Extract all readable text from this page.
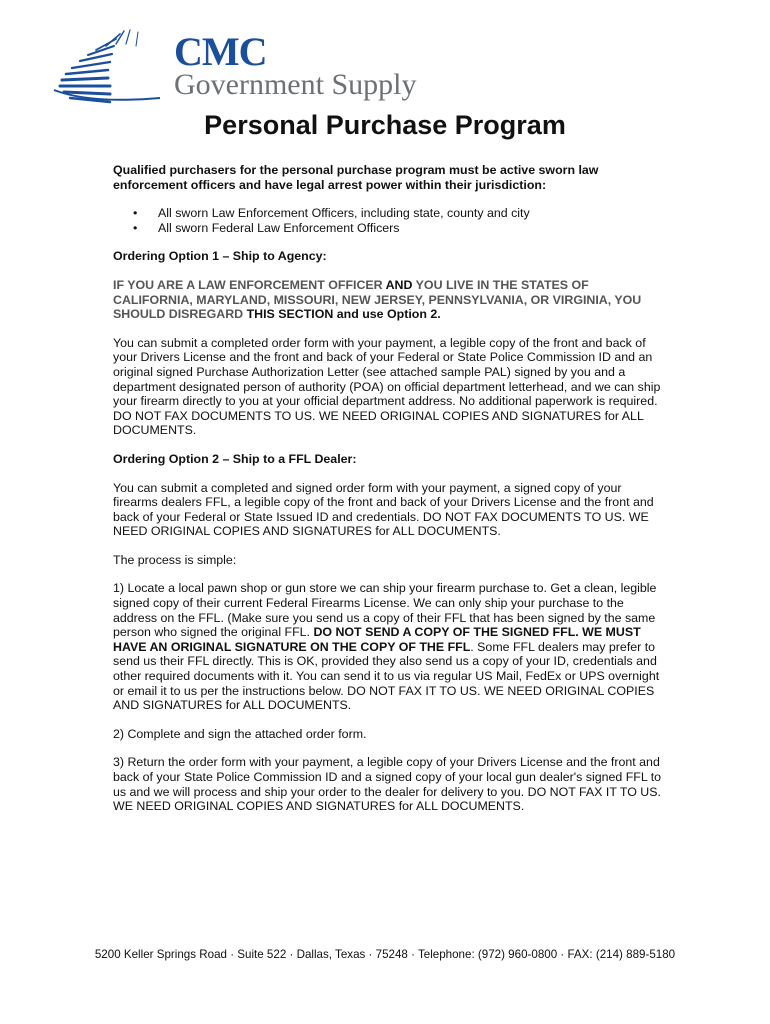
CMC
Government Supply
Personal Purchase Program

Qualified purchasers for the personal purchase program must be active sworn law enforcement officers and have legal arrest power within their jurisdiction:

• All sworn Law Enforcement Officers, including state, county and city
• All sworn Federal Law Enforcement Officers

Ordering Option 1 – Ship to Agency:

IF YOU ARE A LAW ENFORCEMENT OFFICER AND YOU LIVE IN THE STATES OF CALIFORNIA, MARYLAND, MISSOURI, NEW JERSEY, PENNSYLVANIA, OR VIRGINIA, YOU SHOULD DISREGARD THIS SECTION and use Option 2.

You can submit a completed order form with your payment, a legible copy of the front and back of your Drivers License and the front and back of your Federal or State Police Commission ID and an original signed Purchase Authorization Letter (see attached sample PAL) signed by you and a department designated person of authority (POA) on official department letterhead, and we can ship your firearm directly to you at your official department address. No additional paperwork is required. DO NOT FAX DOCUMENTS TO US. WE NEED ORIGINAL COPIES AND SIGNATURES for ALL DOCUMENTS.

Ordering Option 2 – Ship to a FFL Dealer:

You can submit a completed and signed order form with your payment, a signed copy of your firearms dealers FFL, a legible copy of the front and back of your Drivers License and the front and back of your Federal or State Issued ID and credentials. DO NOT FAX DOCUMENTS TO US. WE NEED ORIGINAL COPIES AND SIGNATURES for ALL DOCUMENTS.

The process is simple:

1) Locate a local pawn shop or gun store we can ship your firearm purchase to. Get a clean, legible signed copy of their current Federal Firearms License. We can only ship your purchase to the address on the FFL. (Make sure you send us a copy of their FFL that has been signed by the same person who signed the original FFL. DO NOT SEND A COPY OF THE SIGNED FFL. WE MUST HAVE AN ORIGINAL SIGNATURE ON THE COPY OF THE FFL. Some FFL dealers may prefer to send us their FFL directly. This is OK, provided they also send us a copy of your ID, credentials and other required documents with it. You can send it to us via regular US Mail, FedEx or UPS overnight or email it to us per the instructions below. DO NOT FAX IT TO US. WE NEED ORIGINAL COPIES AND SIGNATURES for ALL DOCUMENTS.

2) Complete and sign the attached order form.

3) Return the order form with your payment, a legible copy of your Drivers License and the front and back of your State Police Commission ID and a signed copy of your local gun dealer's signed FFL to us and we will process and ship your order to the dealer for delivery to you. DO NOT FAX IT TO US. WE NEED ORIGINAL COPIES AND SIGNATURES for ALL DOCUMENTS.

5200 Keller Springs Road · Suite 522 · Dallas, Texas · 75248 · Telephone: (972) 960-0800 · FAX: (214) 889-5180
